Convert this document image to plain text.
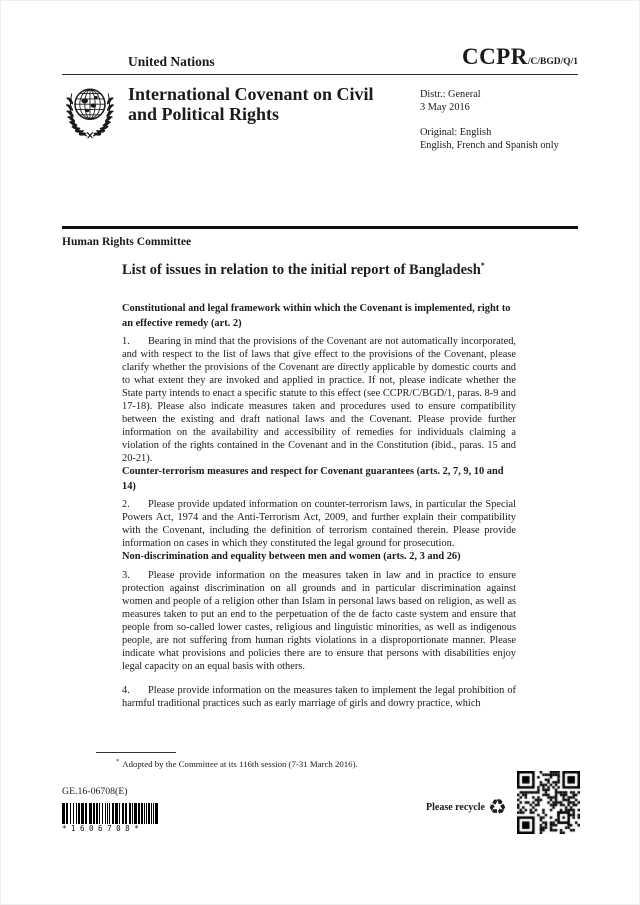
United Nations	CCPR/C/BGD/Q/1
International Covenant on Civil and Political Rights
Distr.: General
3 May 2016
Original: English
English, French and Spanish only
Human Rights Committee
List of issues in relation to the initial report of Bangladesh*
Constitutional and legal framework within which the Covenant is implemented, right to an effective remedy (art. 2)

1. Bearing in mind that the provisions of the Covenant are not automatically incorporated, and with respect to the list of laws that give effect to the provisions of the Covenant, please clarify whether the provisions of the Covenant are directly applicable by domestic courts and to what extent they are invoked and applied in practice. If not, please indicate whether the State party intends to enact a specific statute to this effect (see CCPR/C/BGD/1, paras. 8-9 and 17-18). Please also indicate measures taken and procedures used to ensure compatibility between the existing and draft national laws and the Covenant. Please provide further information on the availability and accessibility of remedies for individuals claiming a violation of the rights contained in the Covenant and in the Constitution (ibid., paras. 15 and 20-21).

Counter-terrorism measures and respect for Covenant guarantees (arts. 2, 7, 9, 10 and 14)

2. Please provide updated information on counter-terrorism laws, in particular the Special Powers Act, 1974 and the Anti-Terrorism Act, 2009, and further explain their compatibility with the Covenant, including the definition of terrorism contained therein. Please provide information on cases in which they constituted the legal ground for prosecution.

Non-discrimination and equality between men and women (arts. 2, 3 and 26)

3. Please provide information on the measures taken in law and in practice to ensure protection against discrimination on all grounds and in particular discrimination against women and people of a religion other than Islam in personal laws based on religion, as well as measures taken to put an end to the perpetuation of the de facto caste system and ensure that people from so-called lower castes, religious and linguistic minorities, as well as indigenous people, are not suffering from human rights violations in a disproportionate manner. Please indicate what provisions and policies there are to ensure that persons with disabilities enjoy legal capacity on an equal basis with others.

4. Please provide information on the measures taken to implement the legal prohibition of harmful traditional practices such as early marriage of girls and dowry practice, which

* Adopted by the Committee at its 116th session (7-31 March 2016).
GE.16-06708(E)
*1606708*
Please recycle ♻
